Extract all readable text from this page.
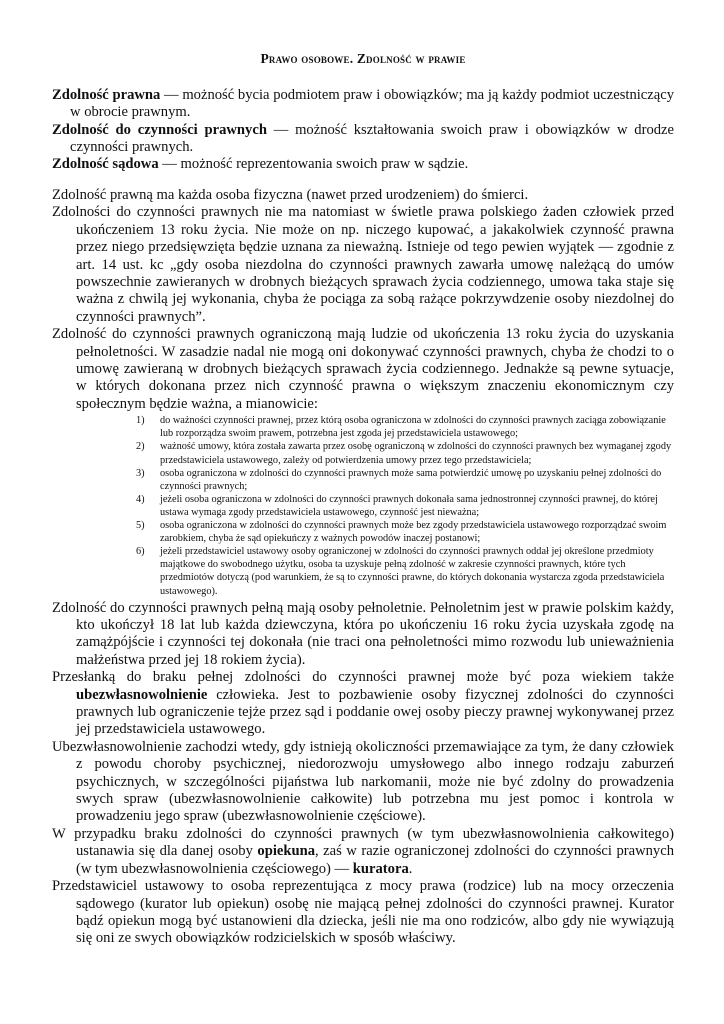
Prawo osobowe. Zdolność w prawie

Zdolność prawna — możność bycia podmiotem praw i obowiązków; ma ją każdy podmiot uczestniczący w obrocie prawnym.

Zdolność do czynności prawnych — możność kształtowania swoich praw i obowiązków w drodze czynności prawnych.

Zdolność sądowa — możność reprezentowania swoich praw w sądzie.

Zdolność prawną ma każda osoba fizyczna (nawet przed urodzeniem) do śmierci.

Zdolności do czynności prawnych nie ma natomiast w świetle prawa polskiego żaden człowiek przed ukończeniem 13 roku życia. Nie może on np. niczego kupować, a jakakolwiek czynność prawna przez niego przedsięwzięta będzie uznana za nieważną. Istnieje od tego pewien wyjątek — zgodnie z art. 14 ust. kc „gdy osoba niezdolna do czynności prawnych zawarła umowę należącą do umów powszechnie zawieranych w drobnych bieżących sprawach życia codziennego, umowa taka staje się ważna z chwilą jej wykonania, chyba że pociąga za sobą rażące pokrzywdzenie osoby niezdolnej do czynności prawnych”.

Zdolność do czynności prawnych ograniczoną mają ludzie od ukończenia 13 roku życia do uzyskania pełnoletności. W zasadzie nadal nie mogą oni dokonywać czynności prawnych, chyba że chodzi to o umowę zawieraną w drobnych bieżących sprawach życia codziennego. Jednakże są pewne sytuacje, w których dokonana przez nich czynność prawna o większym znaczeniu ekonomicznym czy społecznym będzie ważna, a mianowicie:

1) do ważności czynności prawnej, przez którą osoba ograniczona w zdolności do czynności prawnych zaciąga zobowiązanie lub rozporządza swoim prawem, potrzebna jest zgoda jej przedstawiciela ustawowego;
2) ważność umowy, która została zawarta przez osobę ograniczoną w zdolności do czynności prawnych bez wymaganej zgody przedstawiciela ustawowego, zależy od potwierdzenia umowy przez tego przedstawiciela;
3) osoba ograniczona w zdolności do czynności prawnych może sama potwierdzić umowę po uzyskaniu pełnej zdolności do czynności prawnych;
4) jeżeli osoba ograniczona w zdolności do czynności prawnych dokonała sama jednostronnej czynności prawnej, do której ustawa wymaga zgody przedstawiciela ustawowego, czynność jest nieważna;
5) osoba ograniczona w zdolności do czynności prawnych może bez zgody przedstawiciela ustawowego rozporządzać swoim zarobkiem, chyba że sąd opiekuńczy z ważnych powodów inaczej postanowi;
6) jeżeli przedstawiciel ustawowy osoby ograniczonej w zdolności do czynności prawnych oddał jej określone przedmioty majątkowe do swobodnego użytku, osoba ta uzyskuje pełną zdolność w zakresie czynności prawnych, które tych przedmiotów dotyczą (pod warunkiem, że są to czynności prawne, do których dokonania wystarcza zgoda przedstawiciela ustawowego).

Zdolność do czynności prawnych pełną mają osoby pełnoletnie. Pełnoletnim jest w prawie polskim każdy, kto ukończył 18 lat lub każda dziewczyna, która po ukończeniu 16 roku życia uzyskała zgodę na zamążpójście i czynności tej dokonała (nie traci ona pełnoletności mimo rozwodu lub unieważnienia małżeństwa przed jej 18 rokiem życia).

Przesłanką do braku pełnej zdolności do czynności prawnej może być poza wiekiem także ubezwłasnowolnienie człowieka. Jest to pozbawienie osoby fizycznej zdolności do czynności prawnych lub ograniczenie tejże przez sąd i poddanie owej osoby pieczy prawnej wykonywanej przez jej przedstawiciela ustawowego.

Ubezwłasnowolnienie zachodzi wtedy, gdy istnieją okoliczności przemawiające za tym, że dany człowiek z powodu choroby psychicznej, niedorozwoju umysłowego albo innego rodzaju zaburzeń psychicznych, w szczególności pijaństwa lub narkomanii, może nie być zdolny do prowadzenia swych spraw (ubezwłasnowolnienie całkowite) lub potrzebna mu jest pomoc i kontrola w prowadzeniu jego spraw (ubezwłasnowolnienie częściowe).

W przypadku braku zdolności do czynności prawnych (w tym ubezwłasnowolnienia całkowitego) ustanawia się dla danej osoby opiekuna, zaś w razie ograniczonej zdolności do czynności prawnych (w tym ubezwłasnowolnienia częściowego) — kuratora.

Przedstawiciel ustawowy to osoba reprezentująca z mocy prawa (rodzice) lub na mocy orzeczenia sądowego (kurator lub opiekun) osobę nie mającą pełnej zdolności do czynności prawnej. Kurator bądź opiekun mogą być ustanowieni dla dziecka, jeśli nie ma ono rodziców, albo gdy nie wywiązują się oni ze swych obowiązków rodzicielskich w sposób właściwy.
